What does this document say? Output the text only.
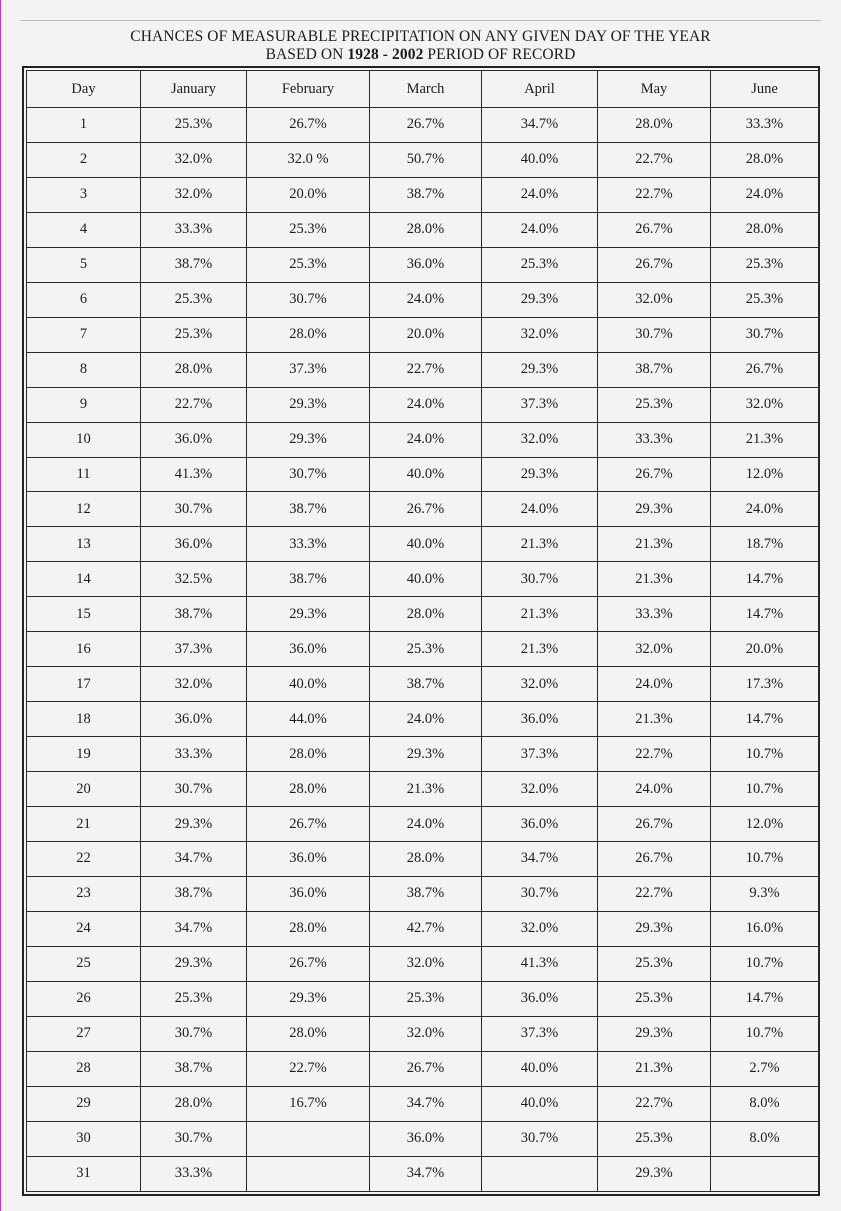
CHANCES OF MEASURABLE PRECIPITATION ON ANY GIVEN DAY OF THE YEAR
BASED ON 1928 - 2002 PERIOD OF RECORD
Day	January	February	March	April	May	June
1	25.3%	26.7%	26.7%	34.7%	28.0%	33.3%
2	32.0%	32.0 %	50.7%	40.0%	22.7%	28.0%
3	32.0%	20.0%	38.7%	24.0%	22.7%	24.0%
4	33.3%	25.3%	28.0%	24.0%	26.7%	28.0%
5	38.7%	25.3%	36.0%	25.3%	26.7%	25.3%
6	25.3%	30.7%	24.0%	29.3%	32.0%	25.3%
7	25.3%	28.0%	20.0%	32.0%	30.7%	30.7%
8	28.0%	37.3%	22.7%	29.3%	38.7%	26.7%
9	22.7%	29.3%	24.0%	37.3%	25.3%	32.0%
10	36.0%	29.3%	24.0%	32.0%	33.3%	21.3%
11	41.3%	30.7%	40.0%	29.3%	26.7%	12.0%
12	30.7%	38.7%	26.7%	24.0%	29.3%	24.0%
13	36.0%	33.3%	40.0%	21.3%	21.3%	18.7%
14	32.5%	38.7%	40.0%	30.7%	21.3%	14.7%
15	38.7%	29.3%	28.0%	21.3%	33.3%	14.7%
16	37.3%	36.0%	25.3%	21.3%	32.0%	20.0%
17	32.0%	40.0%	38.7%	32.0%	24.0%	17.3%
18	36.0%	44.0%	24.0%	36.0%	21.3%	14.7%
19	33.3%	28.0%	29.3%	37.3%	22.7%	10.7%
20	30.7%	28.0%	21.3%	32.0%	24.0%	10.7%
21	29.3%	26.7%	24.0%	36.0%	26.7%	12.0%
22	34.7%	36.0%	28.0%	34.7%	26.7%	10.7%
23	38.7%	36.0%	38.7%	30.7%	22.7%	9.3%
24	34.7%	28.0%	42.7%	32.0%	29.3%	16.0%
25	29.3%	26.7%	32.0%	41.3%	25.3%	10.7%
26	25.3%	29.3%	25.3%	36.0%	25.3%	14.7%
27	30.7%	28.0%	32.0%	37.3%	29.3%	10.7%
28	38.7%	22.7%	26.7%	40.0%	21.3%	2.7%
29	28.0%	16.7%	34.7%	40.0%	22.7%	8.0%
30	30.7%		36.0%	30.7%	25.3%	8.0%
31	33.3%		34.7%		29.3%	
